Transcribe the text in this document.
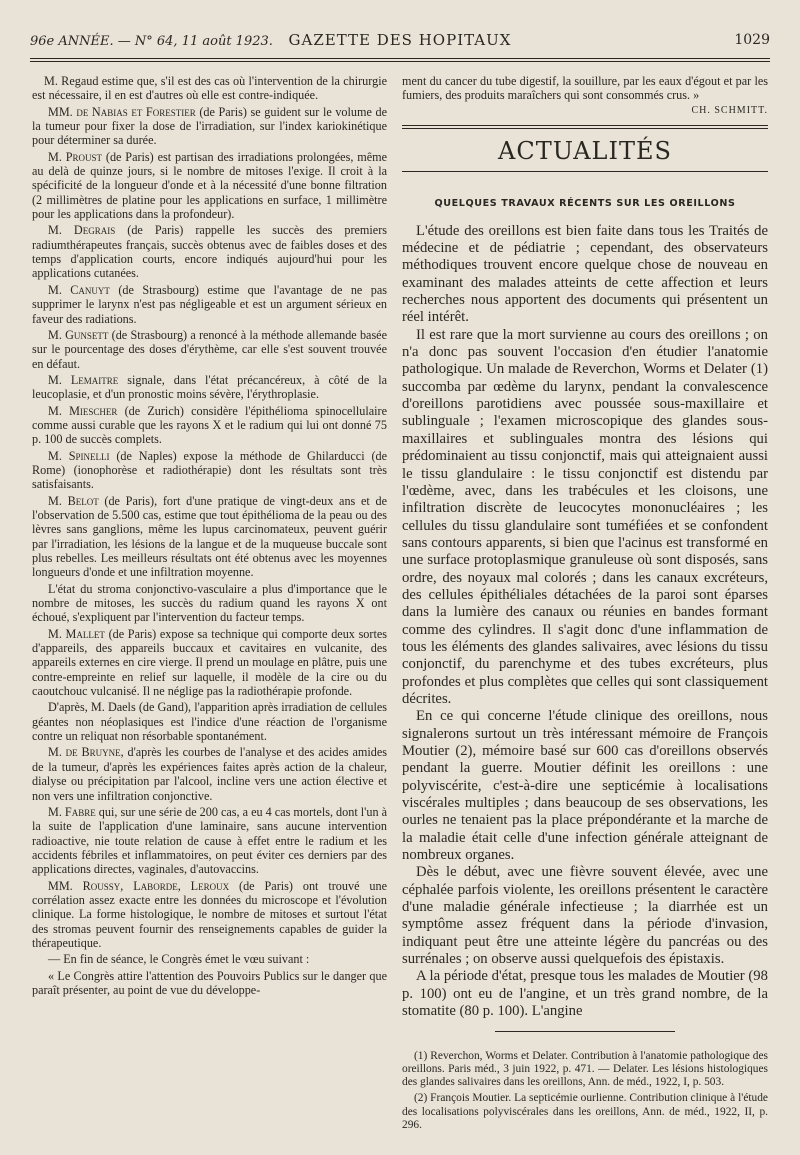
96e ANNÉE. — N° 64, 11 août 1923.	GAZETTE DES HOPITAUX	1029

M. Regaud estime que, s'il est des cas où l'intervention de la chirurgie est nécessaire, il en est d'autres où elle est contre-indiquée.

MM. de Nabias et Forestier (de Paris) se guident sur le volume de la tumeur pour fixer la dose de l'irradiation, sur l'index kariokinétique pour déterminer sa durée.

M. Proust (de Paris) est partisan des irradiations prolongées, même au delà de quinze jours, si le nombre de mitoses l'exige. Il croit à la spécificité de la longueur d'onde et à la nécessité d'une bonne filtration (2 millimètres de platine pour les applications en surface, 1 millimètre pour les applications dans la profondeur).

M. Degrais (de Paris) rappelle les succès des premiers radiumthérapeutes français, succès obtenus avec de faibles doses et des temps d'application courts, encore indiqués aujourd'hui pour les applications cutanées.

M. Canuyt (de Strasbourg) estime que l'avantage de ne pas supprimer le larynx n'est pas négligeable et est un argument sérieux en faveur des radiations.

M. Gunsett (de Strasbourg) a renoncé à la méthode allemande basée sur le pourcentage des doses d'érythème, car elle s'est souvent trouvée en défaut.

M. Lemaitre signale, dans l'état précancéreux, à côté de la leucoplasie, et d'un pronostic moins sévère, l'érythroplasie.

M. Miescher (de Zurich) considère l'épithélioma spinocellulaire comme aussi curable que les rayons X et le radium qui lui ont donné 75 p. 100 de succès complets.

M. Spinelli (de Naples) expose la méthode de Ghilarducci (de Rome) (ionophorèse et radiothérapie) dont les résultats sont très satisfaisants.

M. Belot (de Paris), fort d'une pratique de vingt-deux ans et de l'observation de 5.500 cas, estime que tout épithélioma de la peau ou des lèvres sans ganglions, même les lupus carcinomateux, peuvent guérir par l'irradiation, les lésions de la langue et de la muqueuse buccale sont plus rebelles. Les meilleurs résultats ont été obtenus avec les moyennes longueurs d'onde et une infiltration moyenne.

L'état du stroma conjonctivo-vasculaire a plus d'importance que le nombre de mitoses, les succès du radium quand les rayons X ont échoué, s'expliquent par l'intervention du facteur temps.

M. Mallet (de Paris) expose sa technique qui comporte deux sortes d'appareils, des appareils buccaux et cavitaires en vulcanite, des appareils externes en cire vierge. Il prend un moulage en plâtre, puis une contre-empreinte en relief sur laquelle, il modèle de la cire ou du caoutchouc vulcanisé. Il ne néglige pas la radiothérapie profonde.

D'après, M. Daels (de Gand), l'apparition après irradiation de cellules géantes non néoplasiques est l'indice d'une réaction de l'organisme contre un reliquat non résorbable spontanément.

M. de Bruyne, d'après les courbes de l'analyse et des acides amides de la tumeur, d'après les expériences faites après action de la chaleur, dialyse ou précipitation par l'alcool, incline vers une action élective et non vers une infiltration conjonctive.

M. Fabre qui, sur une série de 200 cas, a eu 4 cas mortels, dont l'un à la suite de l'application d'une laminaire, sans aucune intervention radioactive, nie toute relation de cause à effet entre le radium et les accidents fébriles et inflammatoires, on peut éviter ces derniers par des applications directes, vaginales, d'autovaccins.

MM. Roussy, Laborde, Leroux (de Paris) ont trouvé une corrélation assez exacte entre les données du microscope et l'évolution clinique. La forme histologique, le nombre de mitoses et surtout l'état des stromas peuvent fournir des renseignements capables de guider la thérapeutique.

— En fin de séance, le Congrès émet le vœu suivant :

« Le Congrès attire l'attention des Pouvoirs Publics sur le danger que paraît présenter, au point de vue du développe-

ment du cancer du tube digestif, la souillure, par les eaux d'égout et par les fumiers, des produits maraîchers qui sont consommés crus. »
CH. SCHMITT.

ACTUALITÉS
QUELQUES TRAVAUX RÉCENTS SUR LES OREILLONS

L'étude des oreillons est bien faite dans tous les Traités de médecine et de pédiatrie ; cependant, des observateurs méthodiques trouvent encore quelque chose de nouveau en examinant des malades atteints de cette affection et leurs recherches nous apportent des documents qui présentent un réel intérêt.

Il est rare que la mort survienne au cours des oreillons ; on n'a donc pas souvent l'occasion d'en étudier l'anatomie pathologique. Un malade de Reverchon, Worms et Delater (1) succomba par œdème du larynx, pendant la convalescence d'oreillons parotidiens avec poussée sous-maxillaire et sublinguale ; l'examen microscopique des glandes sous-maxillaires et sublinguales montra des lésions qui prédominaient au tissu conjonctif, mais qui atteignaient aussi le tissu glandulaire : le tissu conjonctif est distendu par l'œdème, avec, dans les trabécules et les cloisons, une infiltration discrète de leucocytes mononucléaires ; les cellules du tissu glandulaire sont tuméfiées et se confondent sans contours apparents, si bien que l'acinus est transformé en une surface protoplasmique granuleuse où sont disposés, sans ordre, des noyaux mal colorés ; dans les canaux excréteurs, des cellules épithéliales détachées de la paroi sont éparses dans la lumière des canaux ou réunies en bandes formant comme des cylindres. Il s'agit donc d'une inflammation de tous les éléments des glandes salivaires, avec lésions du tissu conjonctif, du parenchyme et des tubes excréteurs, plus profondes et plus complètes que celles qui sont classiquement décrites.

En ce qui concerne l'étude clinique des oreillons, nous signalerons surtout un très intéressant mémoire de François Moutier (2), mémoire basé sur 600 cas d'oreillons observés pendant la guerre. Moutier définit les oreillons : une polyviscérite, c'est-à-dire une septicémie à localisations viscérales multiples ; dans beaucoup de ses observations, les ourles ne tenaient pas la place prépondérante et la marche de la maladie était celle d'une infection générale atteignant de nombreux organes.

Dès le début, avec une fièvre souvent élevée, avec une céphalée parfois violente, les oreillons présentent le caractère d'une maladie générale infectieuse ; la diarrhée est un symptôme assez fréquent dans la période d'invasion, indiquant peut être une atteinte légère du pancréas ou des surrénales ; on observe aussi quelquefois des épistaxis.

A la période d'état, presque tous les malades de Moutier (98 p. 100) ont eu de l'angine, et un très grand nombre, de la stomatite (80 p. 100). L'angine

(1) Reverchon, Worms et Delater. Contribution à l'anatomie pathologique des oreillons. Paris méd., 3 juin 1922, p. 471. — Delater. Les lésions histologiques des glandes salivaires dans les oreillons, Ann. de méd., 1922, I, p. 503.

(2) François Moutier. La septicémie ourlienne. Contribution clinique à l'étude des localisations polyviscérales dans les oreillons, Ann. de méd., 1922, II, p. 296.
